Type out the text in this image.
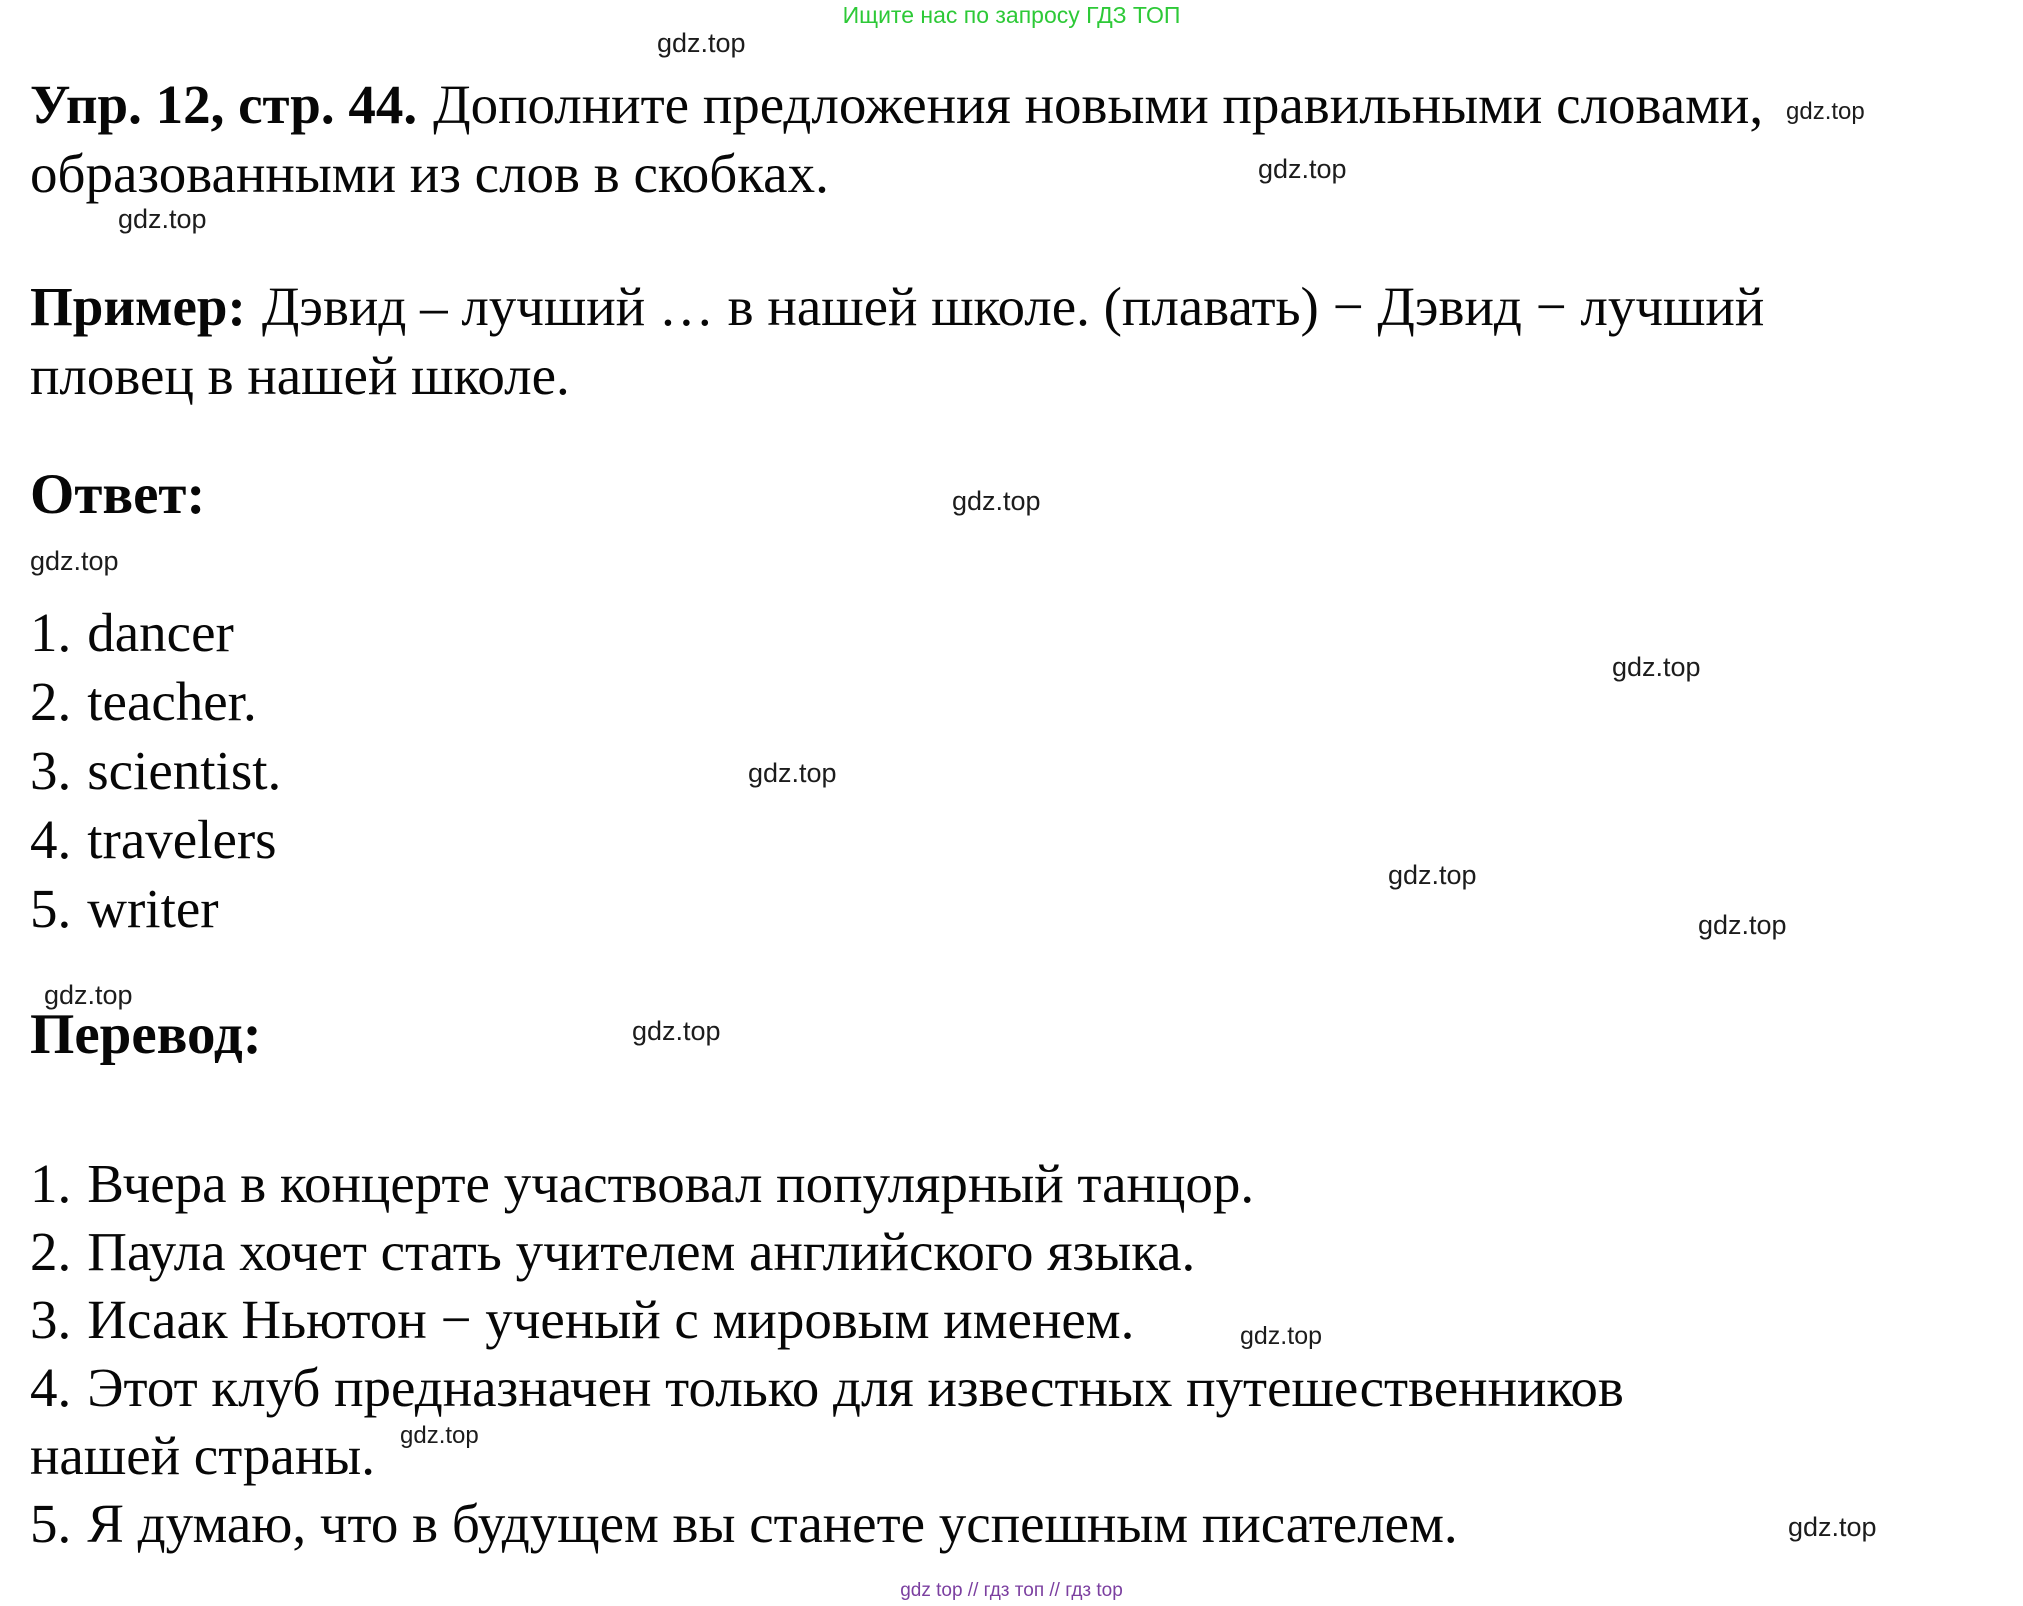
Ищите нас по запросу ГДЗ ТОП
gdz.top
gdz.top
gdz.top
gdz.top
gdz.top
gdz.top
gdz.top
gdz.top
gdz.top
gdz.top
gdz.top
gdz.top
gdz.top
gdz.top
gdz.top
Упр. 12, стр. 44. Дополните предложения новыми правильными словами,
образованными из слов в скобках.
Пример: Дэвид – лучший … в нашей школе. (плавать) − Дэвид − лучший
пловец в нашей школе.
Ответ:
1. dancer
2. teacher.
3. scientist.
4. travelers
5. writer
Перевод:
1. Вчера в концерте участвовал популярный танцор.
2. Паула хочет стать учителем английского языка.
3. Исаак Ньютон − ученый с мировым именем.
4. Этот клуб предназначен только для известных путешественников
нашей страны.
5. Я думаю, что в будущем вы станете успешным писателем.
gdz top // гдз топ // гдз top
